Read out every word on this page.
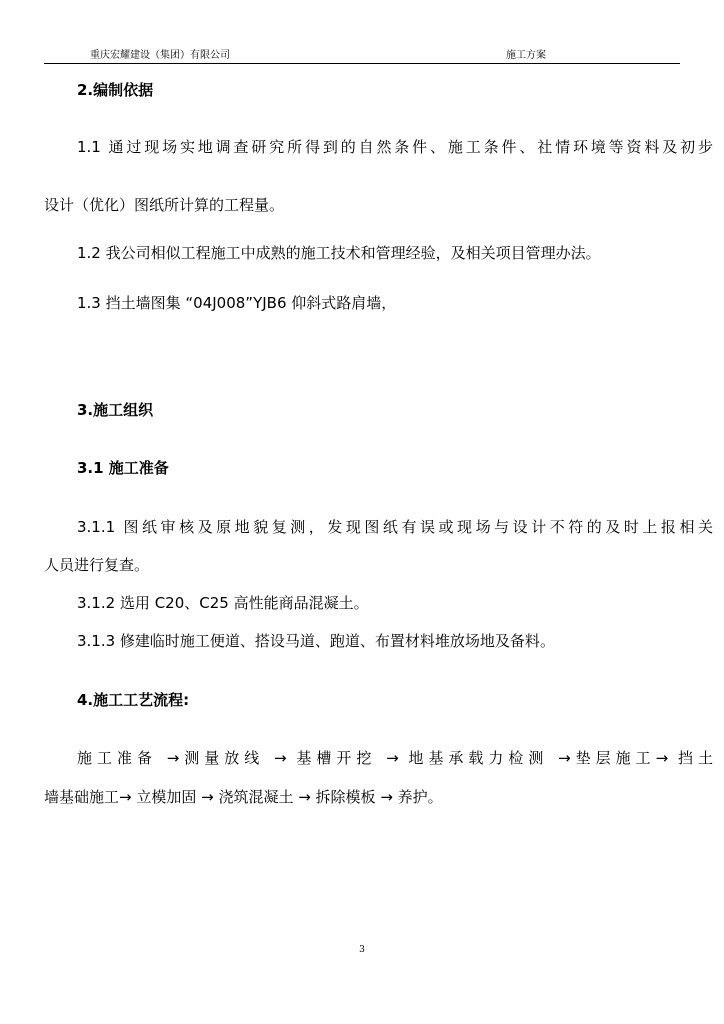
重庆宏耀建设（集团）有限公司	施工方案
2.编制依据
1.1 通过现场实地调查研究所得到的自然条件、施工条件、社情环境等资料及初步
设计（优化）图纸所计算的工程量。
1.2 我公司相似工程施工中成熟的施工技术和管理经验，及相关项目管理办法。
1.3 挡土墙图集 “04J008”YJB6 仰斜式路肩墙，
3.施工组织
3.1 施工准备
3.1.1 图纸审核及原地貌复测，发现图纸有误或现场与设计不符的及时上报相关
人员进行复查。
3.1.2 选用 C20、C25 高性能商品混凝土。
3.1.3 修建临时施工便道、搭设马道、跑道、布置材料堆放场地及备料。
4.施工工艺流程:
施工准备 →测量放线 → 基槽开挖 → 地基承载力检测 →垫层施工→ 挡土
墙基础施工→ 立模加固 → 浇筑混凝土 → 拆除模板 → 养护。
3
